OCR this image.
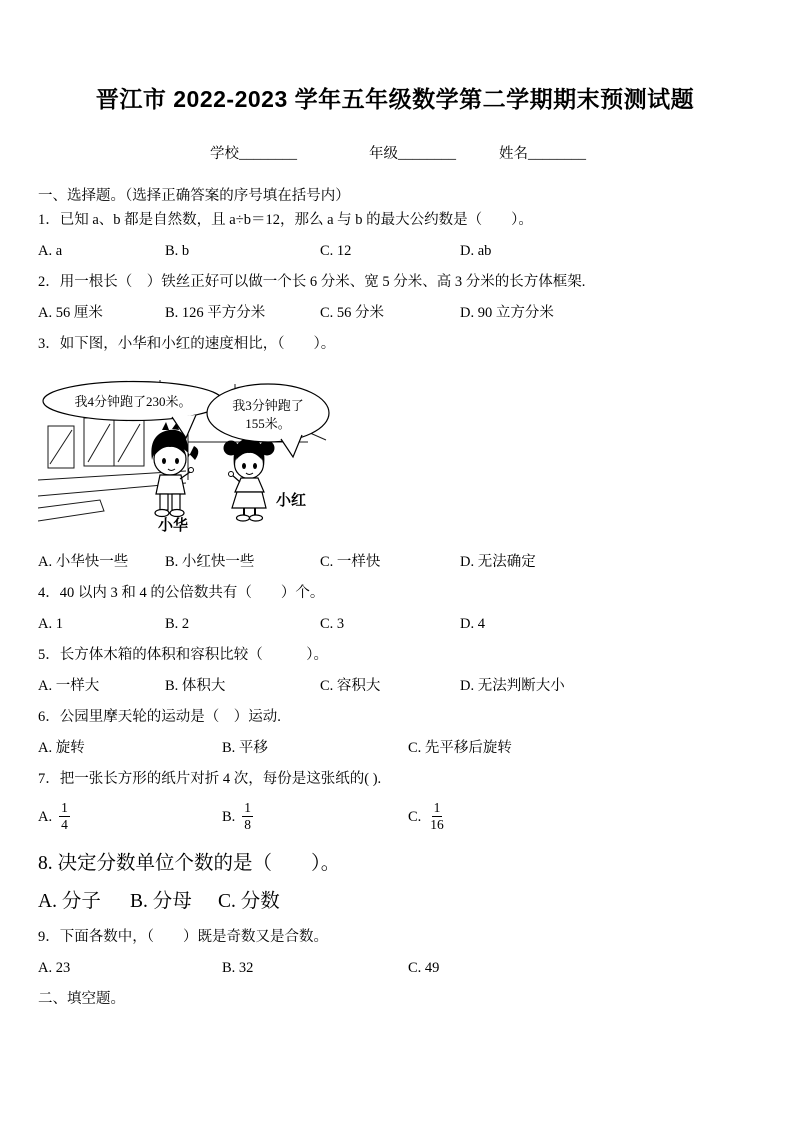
晋江市 2022-2023 学年五年级数学第二学期期末预测试题
学校________	年级________	姓名________
一、选择题。（选择正确答案的序号填在括号内）
1．已知 a、b 都是自然数，且 a÷b＝12，那么 a 与 b 的最大公约数是（　　）。
A. a	B. b	C. 12	D. ab
2．用一根长（　）铁丝正好可以做一个长 6 分米、宽 5 分米、高 3 分米的长方体框架.
A. 56 厘米	B. 126 平方分米	C. 56 分米	D. 90 立方分米
3．如下图，小华和小红的速度相比，（　　）。
我4分钟跑了230米。	我3分钟跑了
155米。
小华
小红
A. 小华快一些	B. 小红快一些	C. 一样快	D. 无法确定
4．40 以内 3 和 4 的公倍数共有（　　）个。
A. 1	B. 2	C. 3	D. 4
5．长方体木箱的体积和容积比较（　　　）。
A. 一样大	B. 体积大	C. 容积大	D. 无法判断大小
6．公园里摩天轮的运动是（　）运动.
A. 旋转	B. 平移	C. 先平移后旋转
7．把一张长方形的纸片对折 4 次，每份是这张纸的( ).
A. $\frac{1}{4}$	B. $\frac{1}{8}$	C. $\frac{1}{16}$
8. 决定分数单位个数的是（　　）。
A. 分子	B. 分母	C. 分数
9．下面各数中，（　　）既是奇数又是合数。
A. 23	B. 32	C. 49
二、填空题。
